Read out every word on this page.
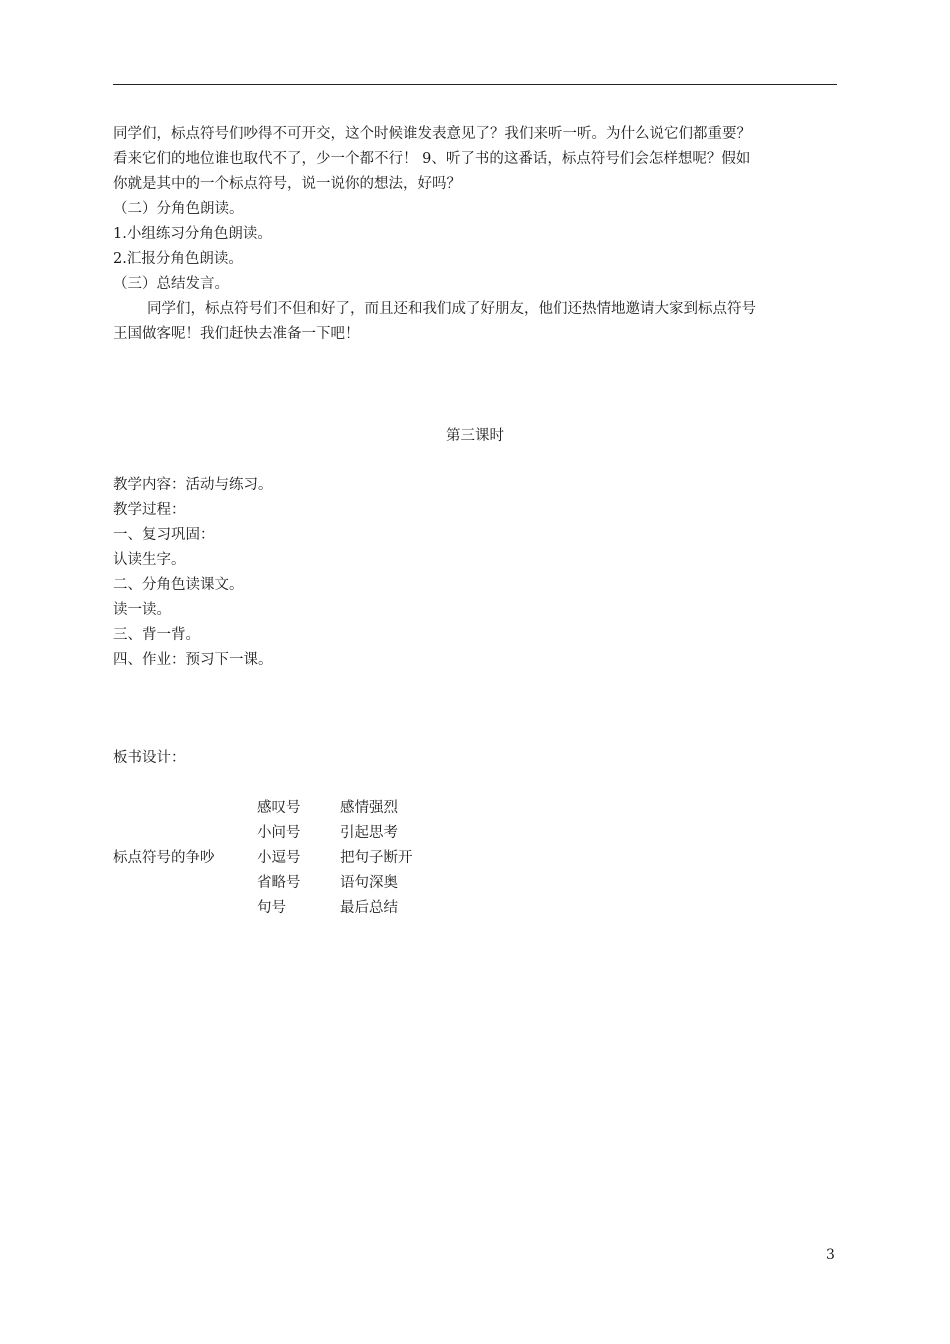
同学们，标点符号们吵得不可开交，这个时候谁发表意见了？我们来听一听。为什么说它们都重要？
看来它们的地位谁也取代不了，少一个都不行！ 9、听了书的这番话，标点符号们会怎样想呢？假如
你就是其中的一个标点符号，说一说你的想法，好吗？
（二）分角色朗读。
1.小组练习分角色朗读。
2.汇报分角色朗读。
（三）总结发言。
同学们，标点符号们不但和好了，而且还和我们成了好朋友，他们还热情地邀请大家到标点符号
王国做客呢！我们赶快去准备一下吧！
第三课时
教学内容：活动与练习。
教学过程：
一、复习巩固：
认读生字。
二、分角色读课文。
读一读。
三、背一背。
四、作业：预习下一课。
板书设计：
标点符号的争吵
感叹号	感情强烈
小问号	引起思考
小逗号	把句子断开
省略号	语句深奥
句号	最后总结
3
